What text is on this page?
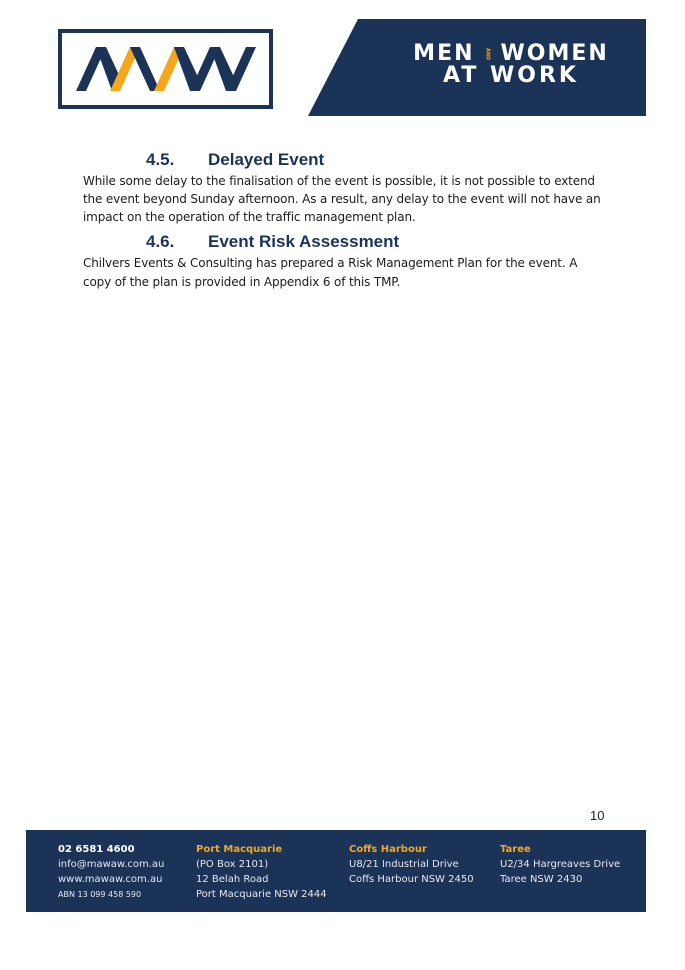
MEN AND WOMEN
AT WORK
4.5. Delayed Event
While some delay to the finalisation of the event is possible, it is not possible to extend the event beyond Sunday afternoon. As a result, any delay to the event will not have an impact on the operation of the traffic management plan.
4.6. Event Risk Assessment
Chilvers Events & Consulting has prepared a Risk Management Plan for the event. A copy of the plan is provided in Appendix 6 of this TMP.
10
02 6581 4600
info@mawaw.com.au
www.mawaw.com.au
ABN 13 099 458 590
Port Macquarie
(PO Box 2101)
12 Belah Road
Port Macquarie NSW 2444
Coffs Harbour
U8/21 Industrial Drive
Coffs Harbour NSW 2450
Taree
U2/34 Hargreaves Drive
Taree NSW 2430
